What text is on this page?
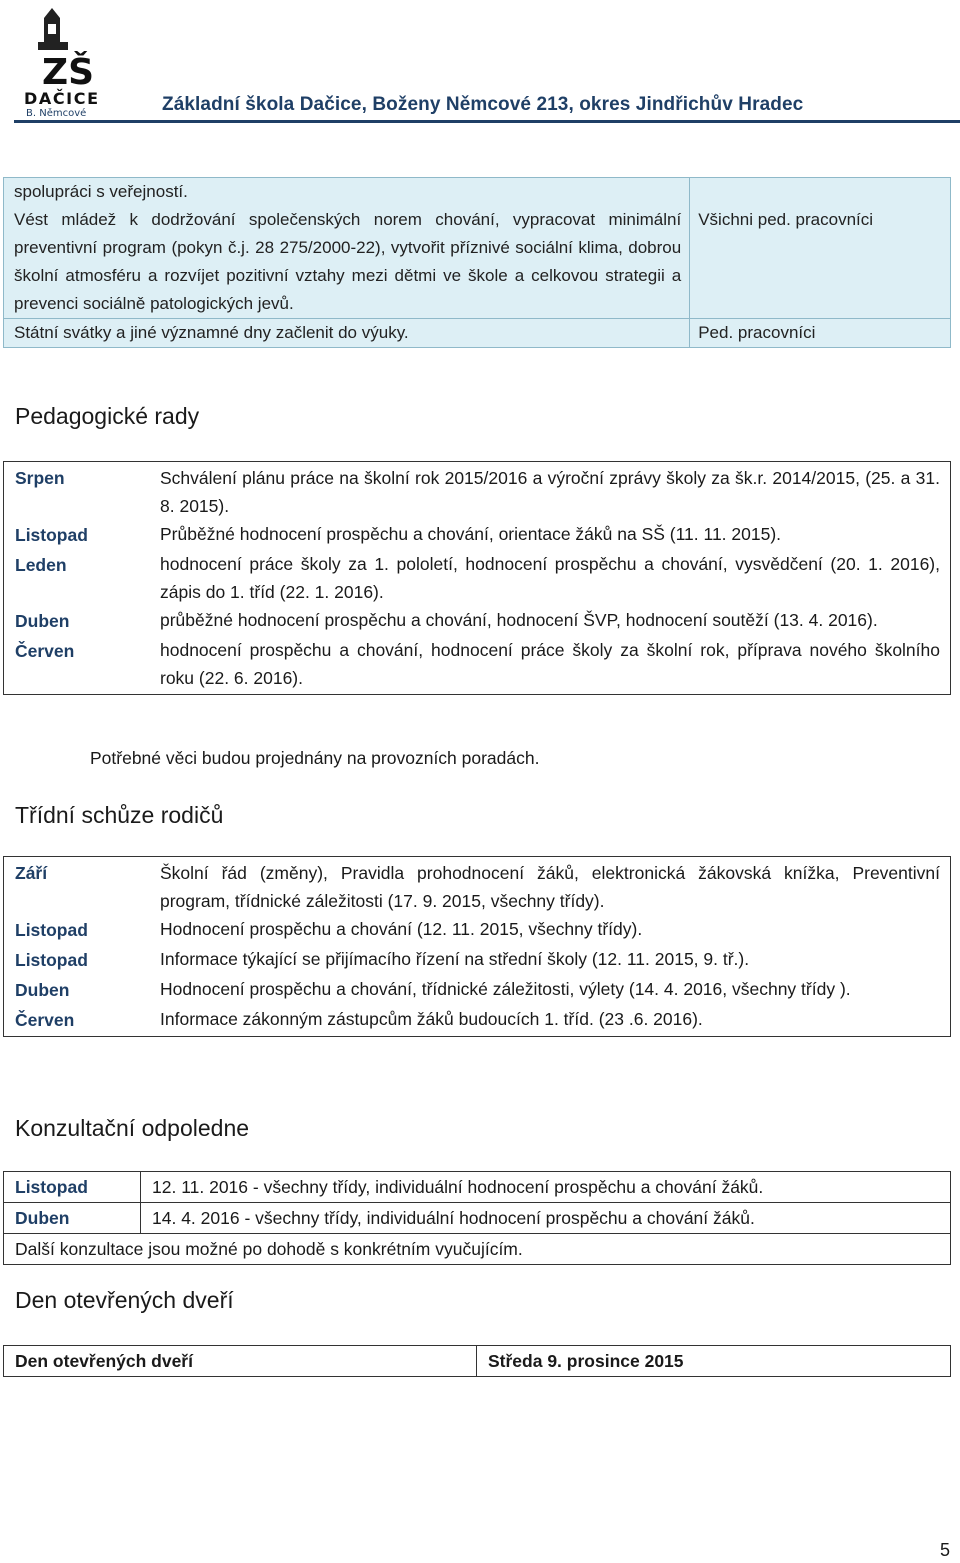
ZŠ
DAČICE
B. Němcové	Základní škola Dačice, Boženy Němcové 213, okres Jindřichův Hradec
spolupráci s veřejností.
Vést mládež k dodržování společenských norem chování, vypracovat minimální preventivní program (pokyn č.j. 28 275/2000-22), vytvořit příznivé sociální klima, dobrou školní atmosféru a rozvíjet pozitivní vztahy mezi dětmi ve škole a celkovou strategii a prevenci sociálně patologických jevů.	Všichni ped. pracovníci

Státní svátky a jiné významné dny začlenit do výuky.	Ped. pracovníci
Pedagogické rady
Srpen	Schválení plánu práce na školní rok 2015/2016 a výroční zprávy školy za šk.r. 2014/2015, (25. a 31. 8. 2015).
Listopad	Průběžné hodnocení prospěchu a chování, orientace žáků na SŠ (11. 11. 2015).
Leden	hodnocení práce školy za 1. pololetí, hodnocení prospěchu a chování, vysvědčení (20. 1. 2016), zápis do 1. tříd (22. 1. 2016).
Duben	průběžné hodnocení prospěchu a chování, hodnocení ŠVP, hodnocení soutěží (13. 4. 2016).
Červen	hodnocení prospěchu a chování, hodnocení práce školy za školní rok, příprava nového školního roku (22. 6. 2016).
Potřebné věci budou projednány na provozních poradách.
Třídní schůze rodičů
Září	Školní řád (změny), Pravidla prohodnocení žáků, elektronická žákovská knížka, Preventivní program, třídnické záležitosti (17. 9. 2015, všechny třídy).
Listopad	Hodnocení prospěchu a chování (12. 11. 2015, všechny třídy).
Listopad	Informace týkající se přijímacího řízení na střední školy (12. 11. 2015, 9. tř.).
Duben	Hodnocení prospěchu a chování, třídnické záležitosti, výlety (14. 4. 2016, všechny třídy ).
Červen	Informace zákonným zástupcům žáků budoucích 1. tříd. (23 .6. 2016).
Konzultační odpoledne
Listopad	12. 11. 2016 - všechny třídy, individuální hodnocení prospěchu a chování žáků.
Duben	14. 4. 2016 - všechny třídy, individuální hodnocení prospěchu a chování žáků.
Další konzultace jsou možné po dohodě s konkrétním vyučujícím.	
Den otevřených dveří
Den otevřených dveří	Středa 9. prosince 2015
5
